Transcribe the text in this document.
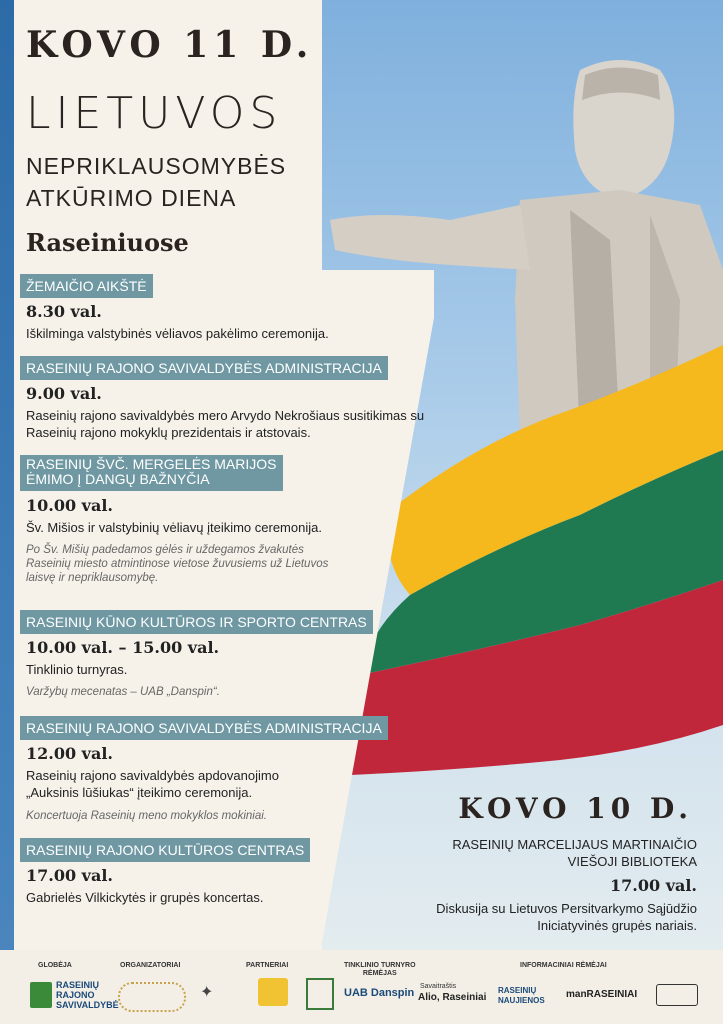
KOVO 11 D.
LIETUVOS
NEPRIKLAUSOMYBĖS
ATKŪRIMO DIENA
Raseiniuose
ŽEMAIČIO AIKŠTĖ
8.30 val.
Iškilminga valstybinės vėliavos pakėlimo ceremonija.
RASEINIŲ RAJONO SAVIVALDYBĖS ADMINISTRACIJA
9.00 val.
Raseinių rajono savivaldybės mero Arvydo Nekrošiaus susitikimas su Raseinių rajono mokyklų prezidentais ir atstovais.
RASEINIŲ ŠVČ. MERGELĖS MARIJOS
ĖMIMO Į DANGŲ BAŽNYČIA
10.00 val.
Šv. Mišios ir valstybinių vėliavų įteikimo ceremonija.
Po Šv. Mišių padedamos gėlės ir uždegamos žvakutės Raseinių miesto atmintinose vietose žuvusiems už Lietuvos laisvę ir nepriklausomybę.
RASEINIŲ KŪNO KULTŪROS IR SPORTO CENTRAS
10.00 val. – 15.00 val.
Tinklinio turnyras.
Varžybų mecenatas – UAB „Danspin“.
RASEINIŲ RAJONO SAVIVALDYBĖS ADMINISTRACIJA
12.00 val.
Raseinių rajono savivaldybės apdovanojimo „Auksinis lūšiukas“ įteikimo ceremonija.
Koncertuoja Raseinių meno mokyklos mokiniai.
RASEINIŲ RAJONO KULTŪROS CENTRAS
17.00 val.
Gabrielės Vilkickytės ir grupės koncertas.
KOVO 10 D.
RASEINIŲ MARCELIJAUS MARTINAIČIO
VIEŠOJI BIBLIOTEKA
17.00 val.
Diskusija su Lietuvos Persitvarkymo Sąjūdžio
Iniciatyvinės grupės nariais.
GLOBĖJA	ORGANIZATORIAI	PARTNERIAI	TINKLINIO TURNYRO
RĖMĖJAS
INFORMACINIAI RĖMĖJAI
RASEINIŲ
RAJONO
SAVIVALDYBĖ
✦	UAB Danspin
Savaitraštis
Alio, Raseiniai
RASEINIŲ
NAUJIENOS
manRASEINIAI
